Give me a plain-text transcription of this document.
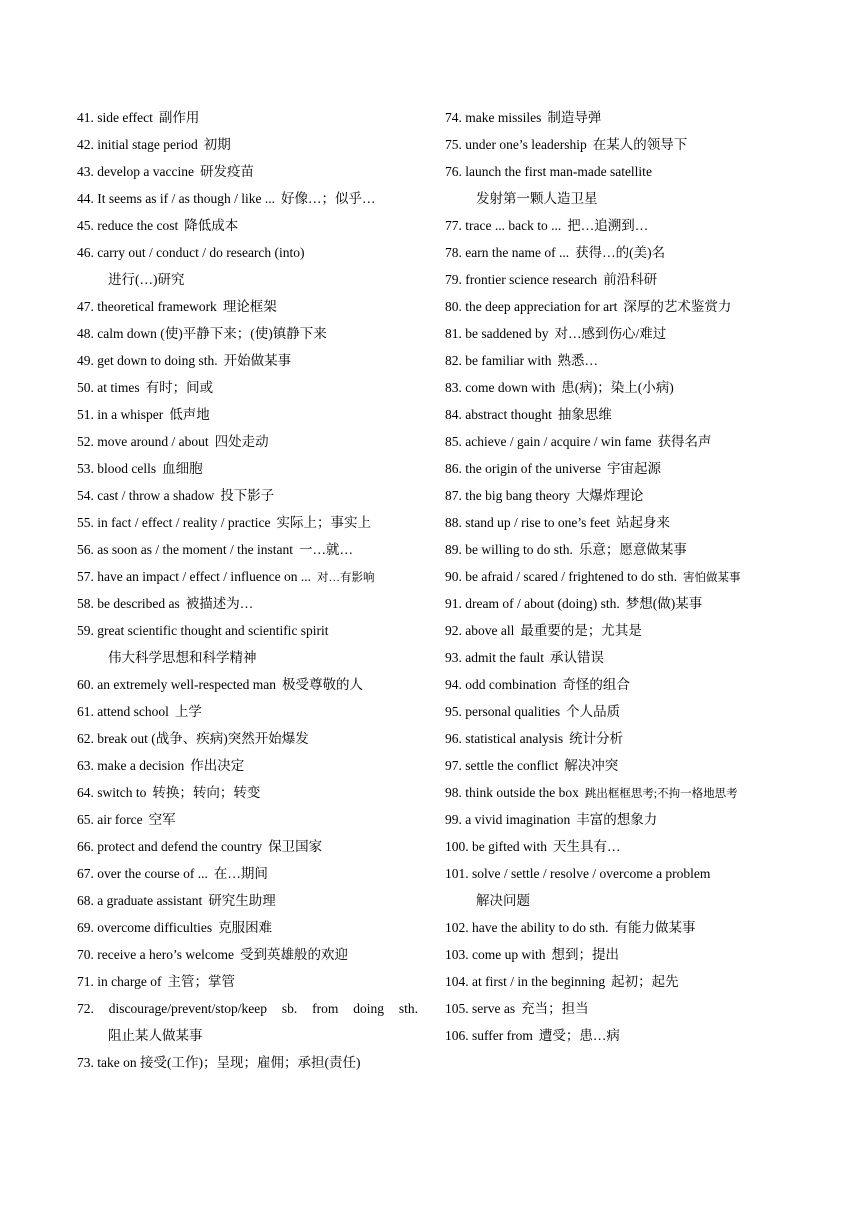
41. side effect 副作用
42. initial stage period 初期
43. develop a vaccine 研发疫苗
44. It seems as if / as though / like ... 好像…；似乎…
45. reduce the cost 降低成本
46. carry out / conduct / do research (into)
进行(…)研究
47. theoretical framework 理论框架
48. calm down (使)平静下来；(使)镇静下来
49. get down to doing sth. 开始做某事
50. at times 有时；间或
51. in a whisper 低声地
52. move around / about 四处走动
53. blood cells 血细胞
54. cast / throw a shadow 投下影子
55. in fact / effect / reality / practice 实际上；事实上
56. as soon as / the moment / the instant 一…就…
57. have an impact / effect / influence on ... 对…有影响
58. be described as 被描述为…
59. great scientific thought and scientific spirit
伟大科学思想和科学精神
60. an extremely well-respected man 极受尊敬的人
61. attend school 上学
62. break out (战争、疾病)突然开始爆发
63. make a decision 作出决定
64. switch to 转换；转向；转变
65. air force 空军
66. protect and defend the country 保卫国家
67. over the course of ... 在…期间
68. a graduate assistant 研究生助理
69. overcome difficulties 克服困难
70. receive a hero’s welcome 受到英雄般的欢迎
71. in charge of 主管；掌管
72. discourage/prevent/stop/keep sb. from doing sth.
阻止某人做某事
73. take on 接受(工作)；呈现；雇佣；承担(责任)
74. make missiles 制造导弹
75. under one’s leadership 在某人的领导下
76. launch the first man-made satellite
发射第一颗人造卫星
77. trace ... back to ... 把…追溯到…
78. earn the name of ... 获得…的(美)名
79. frontier science research 前沿科研
80. the deep appreciation for art 深厚的艺术鉴赏力
81. be saddened by 对…感到伤心/难过
82. be familiar with 熟悉…
83. come down with 患(病)；染上(小病)
84. abstract thought 抽象思维
85. achieve / gain / acquire / win fame 获得名声
86. the origin of the universe 宇宙起源
87. the big bang theory 大爆炸理论
88. stand up / rise to one’s feet 站起身来
89. be willing to do sth. 乐意；愿意做某事
90. be afraid / scared / frightened to do sth. 害怕做某事
91. dream of / about (doing) sth. 梦想(做)某事
92. above all 最重要的是；尤其是
93. admit the fault 承认错误
94. odd combination 奇怪的组合
95. personal qualities 个人品质
96. statistical analysis 统计分析
97. settle the conflict 解决冲突
98. think outside the box 跳出框框思考;不拘一格地思考
99. a vivid imagination 丰富的想象力
100. be gifted with 天生具有…
101. solve / settle / resolve / overcome a problem
解决问题
102. have the ability to do sth. 有能力做某事
103. come up with 想到；提出
104. at first / in the beginning 起初；起先
105. serve as 充当；担当
106. suffer from 遭受；患…病
